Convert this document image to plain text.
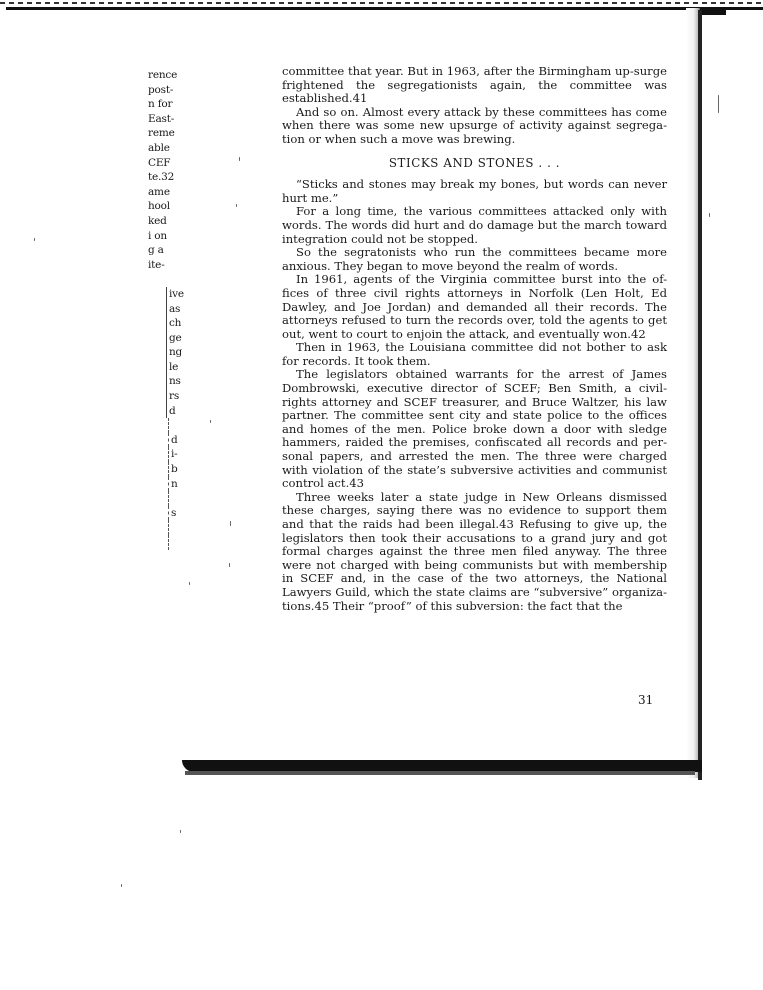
rence
post-
n for
East-
reme
able
CEF
te.32
ame
hool
ked
i on
g a
ite-
ive
as
ch
ge
ng
le
ns
rs
d
d
i-
b
n
s

committee that year. But in 1963, after the Birmingham up-surge frightened the segregationists again, the committee was established.41

And so on. Almost every attack by these committees has come when there was some new upsurge of activity against segrega-tion or when such a move was brewing.

STICKS AND STONES . . .

“Sticks and stones may break my bones, but words can never hurt me.”

For a long time, the various committees attacked only with words. The words did hurt and do damage but the march toward integration could not be stopped.

So the segratonists who run the committees became more anxious. They began to move beyond the realm of words.

In 1961, agents of the Virginia committee burst into the of-fices of three civil rights attorneys in Norfolk (Len Holt, Ed Dawley, and Joe Jordan) and demanded all their records. The attorneys refused to turn the records over, told the agents to get out, went to court to enjoin the attack, and eventually won.42

Then in 1963, the Louisiana committee did not bother to ask for records. It took them.

The legislators obtained warrants for the arrest of James Dombrowski, executive director of SCEF; Ben Smith, a civil-rights attorney and SCEF treasurer, and Bruce Waltzer, his law partner. The committee sent city and state police to the offices and homes of the men. Police broke down a door with sledge hammers, raided the premises, confiscated all records and per-sonal papers, and arrested the men. The three were charged with violation of the state’s subversive activities and communist control act.43

Three weeks later a state judge in New Orleans dismissed these charges, saying there was no evidence to support them and that the raids had been illegal.43 Refusing to give up, the legislators then took their accusations to a grand jury and got formal charges against the three men filed anyway. The three were not charged with being communists but with membership in SCEF and, in the case of the two attorneys, the National Lawyers Guild, which the state claims are “subversive” organiza-tions.45 Their “proof” of this subversion: the fact that the

31
